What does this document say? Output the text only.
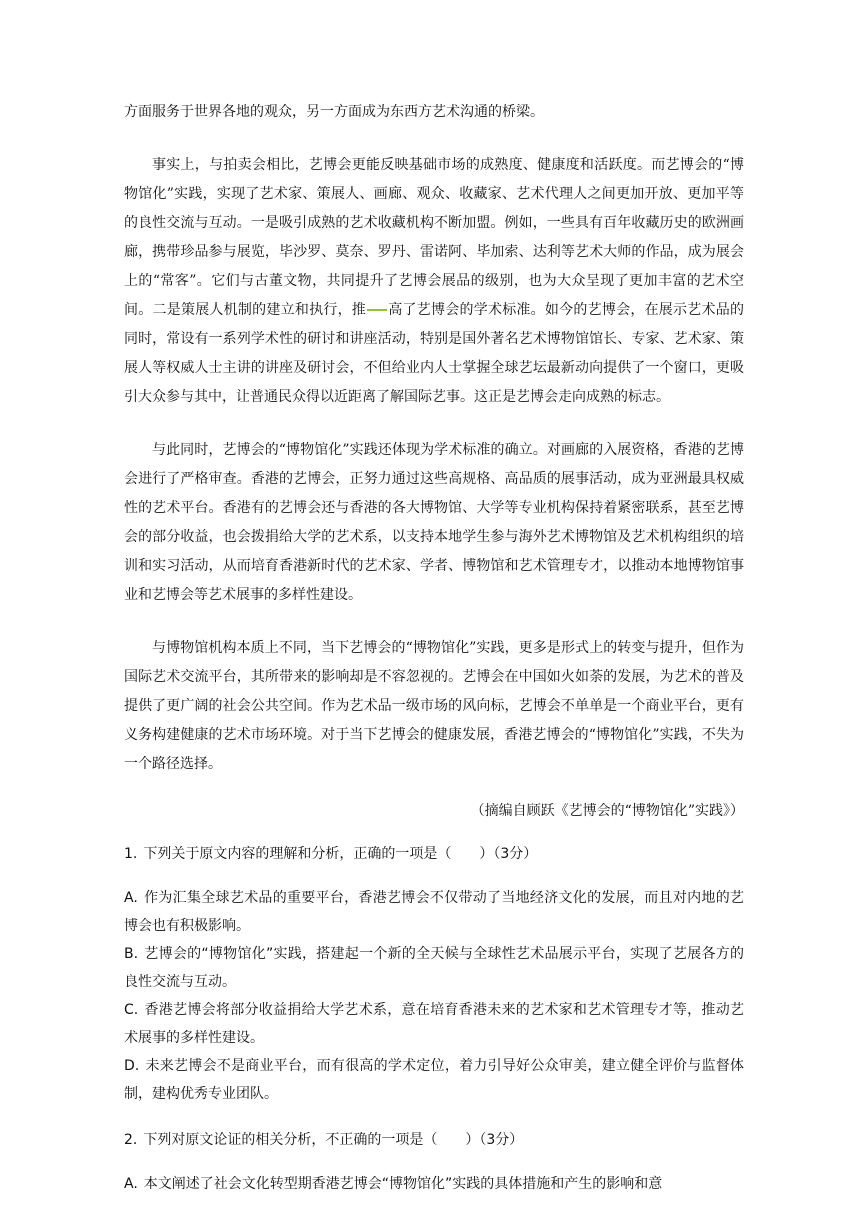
方面服务于世界各地的观众，另一方面成为东西方艺术沟通的桥梁。

事实上，与拍卖会相比，艺博会更能反映基础市场的成熟度、健康度和活跃度。而艺博会的“博物馆化”实践，实现了艺术家、策展人、画廊、观众、收藏家、艺术代理人之间更加开放、更加平等的良性交流与互动。一是吸引成熟的艺术收藏机构不断加盟。例如，一些具有百年收藏历史的欧洲画廊，携带珍品参与展览，毕沙罗、莫奈、罗丹、雷诺阿、毕加索、达利等艺术大师的作品，成为展会上的“常客”。它们与古董文物，共同提升了艺博会展品的级别，也为大众呈现了更加丰富的艺术空间。二是策展人机制的建立和执行，推 高了艺博会的学术标准。如今的艺博会，在展示艺术品的同时，常设有一系列学术性的研讨和讲座活动，特别是国外著名艺术博物馆馆长、专家、艺术家、策展人等权威人士主讲的讲座及研讨会，不但给业内人士掌握全球艺坛最新动向提供了一个窗口，更吸引大众参与其中，让普通民众得以近距离了解国际艺事。这正是艺博会走向成熟的标志。

与此同时，艺博会的“博物馆化”实践还体现为学术标准的确立。对画廊的入展资格，香港的艺博会进行了严格审查。香港的艺博会，正努力通过这些高规格、高品质的展事活动，成为亚洲最具权威性的艺术平台。香港有的艺博会还与香港的各大博物馆、大学等专业机构保持着紧密联系，甚至艺博会的部分收益，也会拨捐给大学的艺术系，以支持本地学生参与海外艺术博物馆及艺术机构组织的培训和实习活动，从而培育香港新时代的艺术家、学者、博物馆和艺术管理专才，以推动本地博物馆事业和艺博会等艺术展事的多样性建设。

与博物馆机构本质上不同，当下艺博会的“博物馆化”实践，更多是形式上的转变与提升，但作为国际艺术交流平台，其所带来的影响却是不容忽视的。艺博会在中国如火如荼的发展，为艺术的普及提供了更广阔的社会公共空间。作为艺术品一级市场的风向标，艺博会不单单是一个商业平台，更有义务构建健康的艺术市场环境。对于当下艺博会的健康发展，香港艺博会的“博物馆化”实践，不失为一个路径选择。

（摘编自顾跃《艺博会的“博物馆化”实践》）
1. 下列关于原文内容的理解和分析，正确的一项是（ ）（3分）

A. 作为汇集全球艺术品的重要平台，香港艺博会不仅带动了当地经济文化的发展，而且对内地的艺博会也有积极影响。

B. 艺博会的“博物馆化”实践，搭建起一个新的全天候与全球性艺术品展示平台，实现了艺展各方的良性交流与互动。

C. 香港艺博会将部分收益捐给大学艺术系，意在培育香港未来的艺术家和艺术管理专才等，推动艺术展事的多样性建设。

D. 未来艺博会不是商业平台，而有很高的学术定位，着力引导好公众审美，建立健全评价与监督体制，建构优秀专业团队。

2. 下列对原文论证的相关分析，不正确的一项是（ ）（3分）

A. 本文阐述了社会文化转型期香港艺博会“博物馆化”实践的具体措施和产生的影响和意
